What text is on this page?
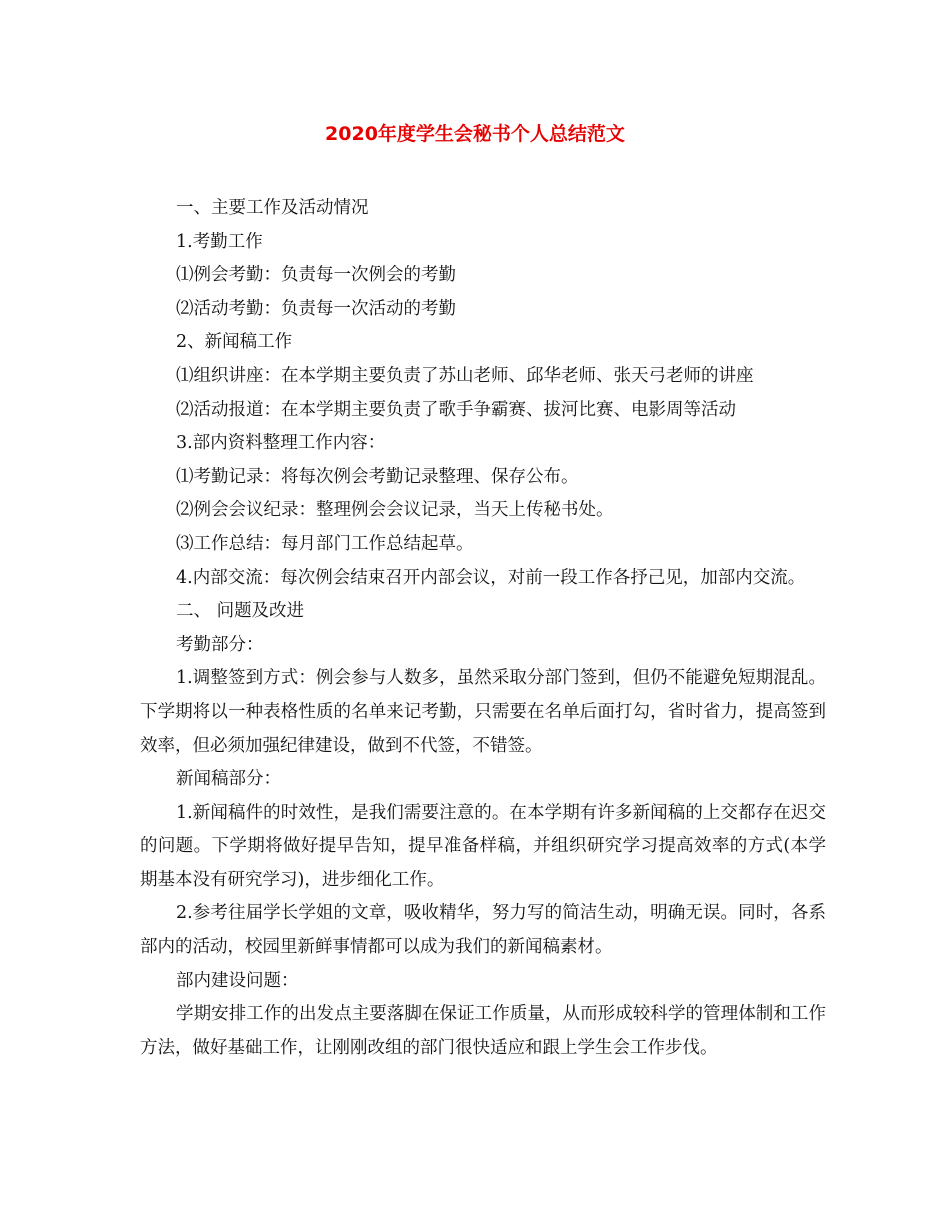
2020年度学生会秘书个人总结范文

一、主要工作及活动情况

1.考勤工作

⑴例会考勤：负责每一次例会的考勤

⑵活动考勤：负责每一次活动的考勤

2、新闻稿工作

⑴组织讲座：在本学期主要负责了苏山老师、邱华老师、张天弓老师的讲座

⑵活动报道：在本学期主要负责了歌手争霸赛、拔河比赛、电影周等活动

3.部内资料整理工作内容：

⑴考勤记录：将每次例会考勤记录整理、保存公布。

⑵例会会议纪录：整理例会会议记录，当天上传秘书处。

⑶工作总结：每月部门工作总结起草。

4.内部交流：每次例会结束召开内部会议，对前一段工作各抒己见，加部内交流。

二、 问题及改进

考勤部分：

1.调整签到方式：例会参与人数多，虽然采取分部门签到，但仍不能避免短期混乱。下学期将以一种表格性质的名单来记考勤，只需要在名单后面打勾，省时省力，提高签到效率，但必须加强纪律建设，做到不代签，不错签。

新闻稿部分：

1.新闻稿件的时效性，是我们需要注意的。在本学期有许多新闻稿的上交都存在迟交的问题。下学期将做好提早告知，提早准备样稿，并组织研究学习提高效率的方式(本学期基本没有研究学习)，进步细化工作。

2.参考往届学长学姐的文章，吸收精华，努力写的简洁生动，明确无误。同时，各系部内的活动，校园里新鲜事情都可以成为我们的新闻稿素材。

部内建设问题：

学期安排工作的出发点主要落脚在保证工作质量，从而形成较科学的管理体制和工作方法，做好基础工作，让刚刚改组的部门很快适应和跟上学生会工作步伐。
